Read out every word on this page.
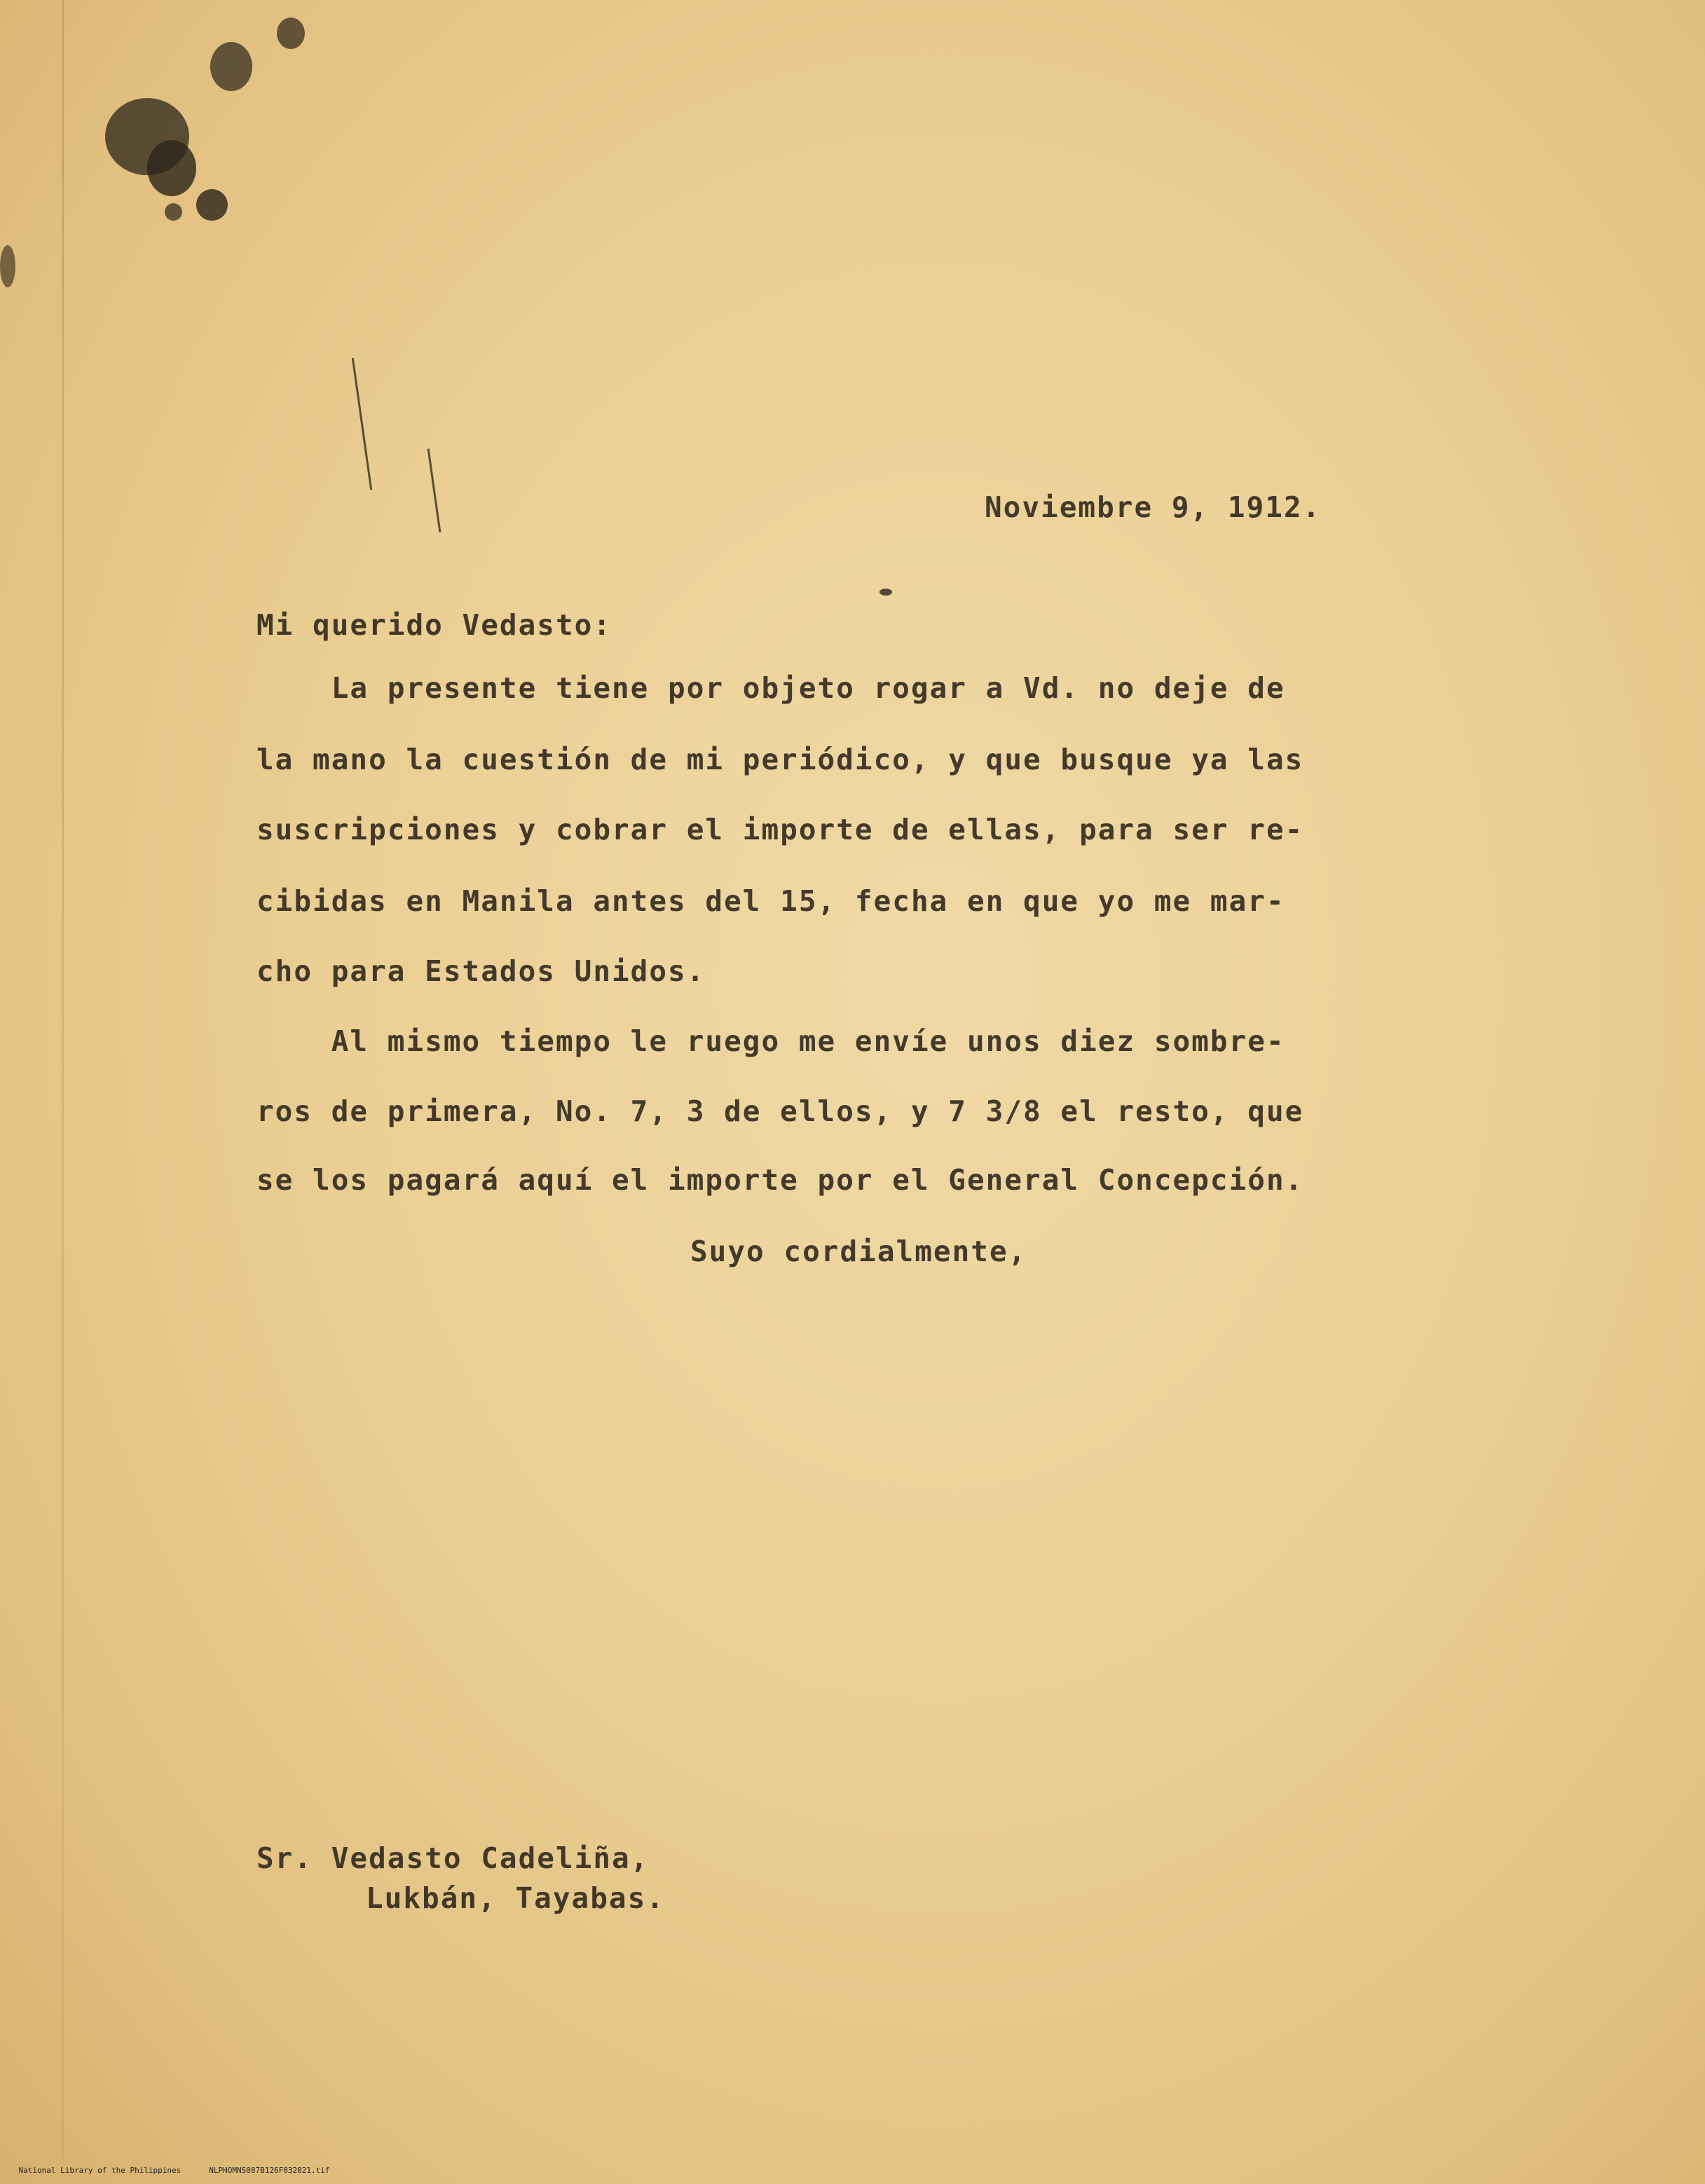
Noviembre 9, 1912.
Mi querido Vedasto:
La presente tiene por objeto rogar a Vd. no deje de
la mano la cuestión de mi periódico, y que busque ya las
suscripciones y cobrar el importe de ellas, para ser re-
cibidas en Manila antes del 15, fecha en que yo me mar-
cho para Estados Unidos.
Al mismo tiempo le ruego me envíe unos diez sombre-
ros de primera, No. 7, 3 de ellos, y 7 3/8 el resto, que
se los pagará aquí el importe por el General Concepción.
Suyo cordialmente,
Sr. Vedasto Cadeliña,
Lukbán, Tayabas.

National Library of the Philippines	NLPHOMNS007B126F032021.tif
